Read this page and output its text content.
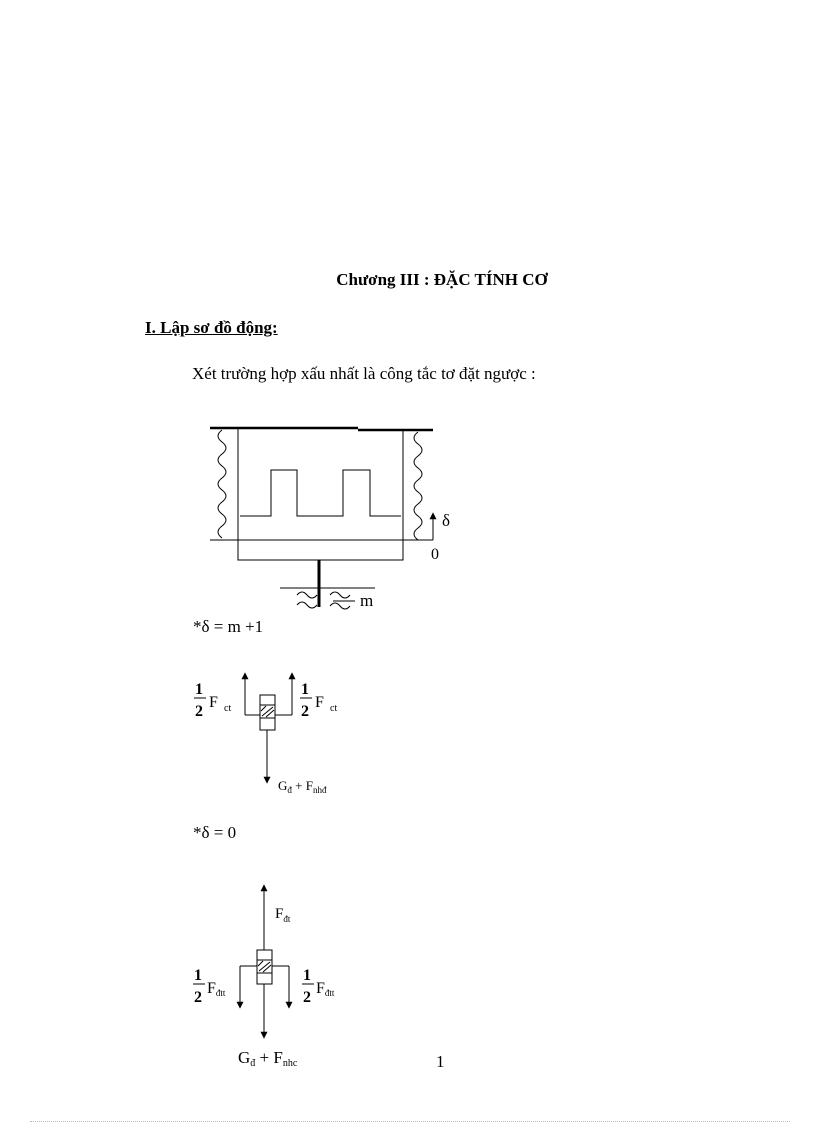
Chương III : ĐẶC TÍNH CƠ
I. Lập sơ đồ động:
Xét trường hợp xấu nhất là công tắc tơ đặt ngược :
δ
0
m
1
2
F ct
1
2
F ct
$G_đ + F_{nhđ}$
$F_{đt}$
1
2
Fđtt
1
2
Fđtt
Gđ + Fnhc
*δ = m +1
*δ = 0
1
